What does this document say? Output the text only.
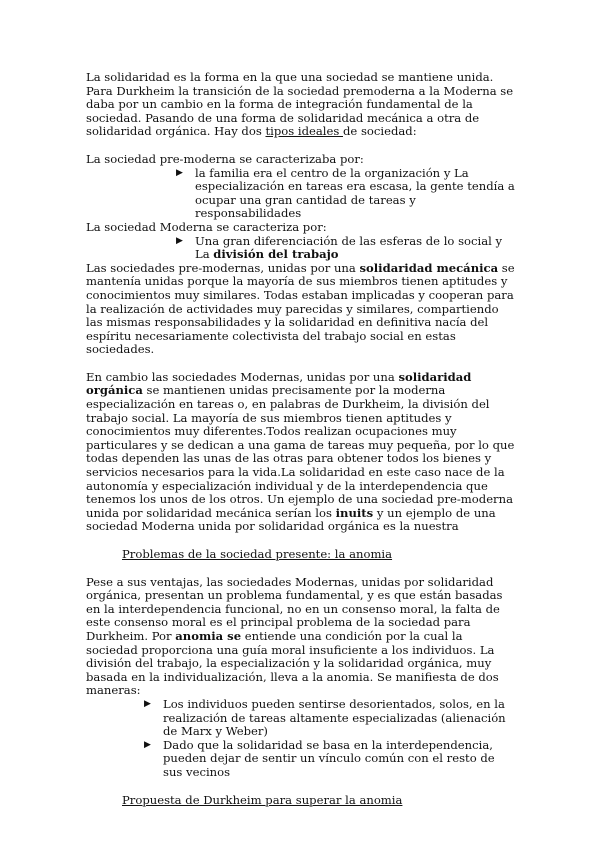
La solidaridad es la forma en la que una sociedad se mantiene unida. Para Durkheim la transición de la sociedad premoderna a la Moderna se daba por un cambio en la forma de integración fundamental de la sociedad. Pasando de una forma de solidaridad mecánica a otra de solidaridad orgánica. Hay dos tipos ideales de sociedad:

La sociedad pre-moderna se caracterizaba por:

▶ la familia era el centro de la organización y La especialización en tareas era escasa, la gente tendía a ocupar una gran cantidad de tareas y responsabilidades

La sociedad Moderna se caracteriza por:

▶ Una gran diferenciación de las esferas de lo social y La división del trabajo

Las sociedades pre-modernas, unidas por una solidaridad mecánica se mantenía unidas porque la mayoría de sus miembros tienen aptitudes y conocimientos muy similares. Todas estaban implicadas y cooperan para la realización de actividades muy parecidas y similares, compartiendo las mismas responsabilidades y la solidaridad en definitiva nacía del espíritu necesariamente colectivista del trabajo social en estas sociedades.

En cambio las sociedades Modernas, unidas por una solidaridad orgánica se mantienen unidas precisamente por la moderna especialización en tareas o, en palabras de Durkheim, la división del trabajo social. La mayoría de sus miembros tienen aptitudes y conocimientos muy diferentes.Todos realizan ocupaciones muy particulares y se dedican a una gama de tareas muy pequeña, por lo que todas dependen las unas de las otras para obtener todos los bienes y servicios necesarios para la vida.La solidaridad en este caso nace de la autonomía y especialización individual y de la interdependencia que tenemos los unos de los otros. Un ejemplo de una sociedad pre-moderna unida por solidaridad mecánica serían los inuits y un ejemplo de una sociedad Moderna unida por solidaridad orgánica es la nuestra

Problemas de la sociedad presente: la anomia

Pese a sus ventajas, las sociedades Modernas, unidas por solidaridad orgánica, presentan un problema fundamental, y es que están basadas en la interdependencia funcional, no en un consenso moral, la falta de este consenso moral es el principal problema de la sociedad para Durkheim. Por anomia se entiende una condición por la cual la sociedad proporciona una guía moral insuficiente a los individuos. La división del trabajo, la especialización y la solidaridad orgánica, muy basada en la individualización, lleva a la anomia. Se manifiesta de dos maneras:

▶ Los individuos pueden sentirse desorientados, solos, en la realización de tareas altamente especializadas (alienación de Marx y Weber)
▶ Dado que la solidaridad se basa en la interdependencia, pueden dejar de sentir un vínculo común con el resto de sus vecinos

Propuesta de Durkheim para superar la anomia
